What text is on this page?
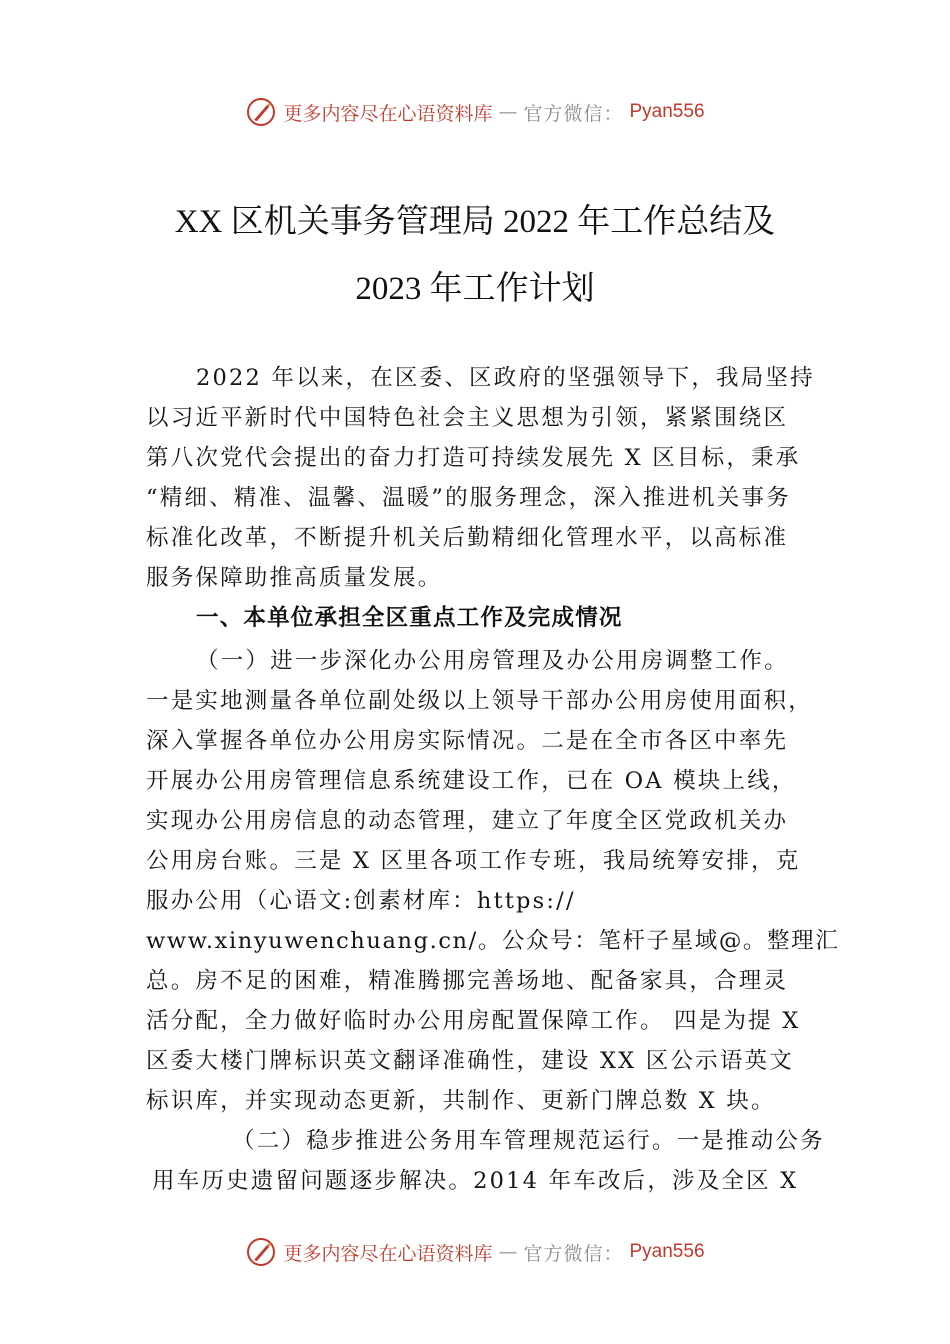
更多内容尽在心语资料库 — 官方微信： Pyan556
XX 区机关事务管理局 2022 年工作总结及
2023 年工作计划
2022 年以来，在区委、区政府的坚强领导下，我局坚持
以习近平新时代中国特色社会主义思想为引领，紧紧围绕区
第八次党代会提出的奋力打造可持续发展先 X 区目标，秉承
“精细、精准、温馨、温暖”的服务理念，深入推进机关事务
标准化改革，不断提升机关后勤精细化管理水平，以高标准
服务保障助推高质量发展。
一、本单位承担全区重点工作及完成情况
（一）进一步深化办公用房管理及办公用房调整工作。
一是实地测量各单位副处级以上领导干部办公用房使用面积，
深入掌握各单位办公用房实际情况。二是在全市各区中率先
开展办公用房管理信息系统建设工作，已在 OA 模块上线，
实现办公用房信息的动态管理，建立了年度全区党政机关办
公用房台账。三是 X 区里各项工作专班，我局统筹安排，克
服办公用（心语文:创素材库：https://
www.xinyuwenchuang.cn/。公众号：笔杆子星域@。整理汇
总。房不足的困难，精准腾挪完善场地、配备家具，合理灵
活分配，全力做好临时办公用房配置保障工作。 四是为提 X
区委大楼门牌标识英文翻译准确性，建设 XX 区公示语英文
标识库，并实现动态更新，共制作、更新门牌总数 X 块。
（二）稳步推进公务用车管理规范运行。一是推动公务
用车历史遗留问题逐步解决。2014 年车改后，涉及全区 X
更多内容尽在心语资料库 — 官方微信： Pyan556
